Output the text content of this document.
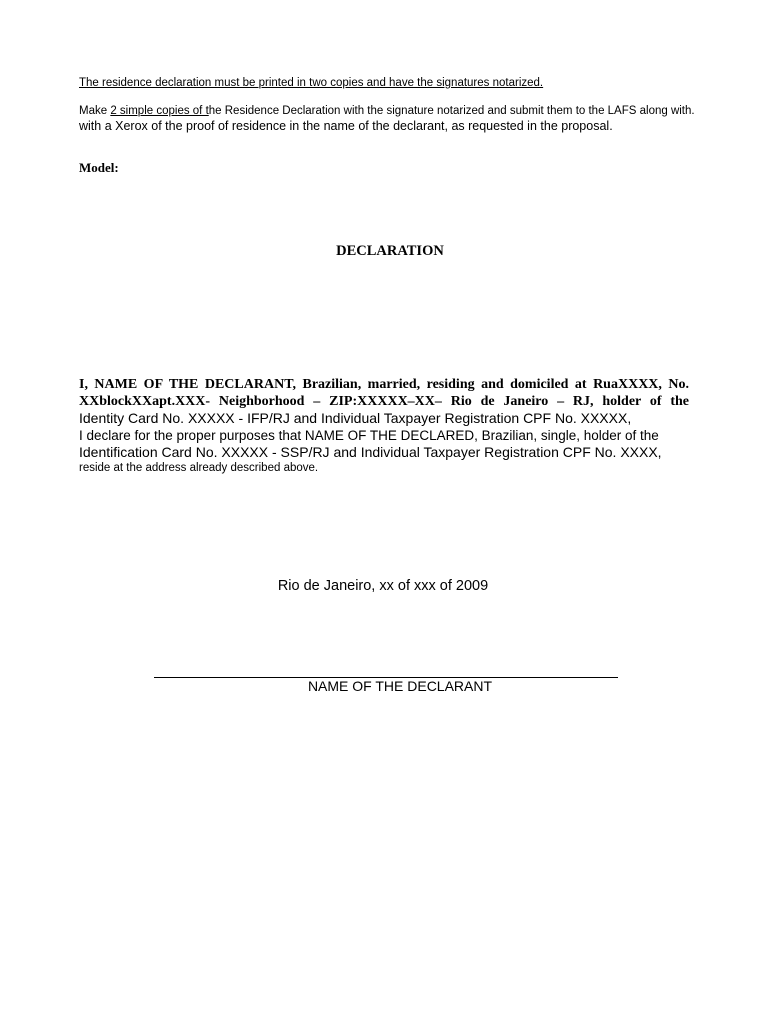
The residence declaration must be printed in two copies and have the signatures notarized.
Make 2 simple copies of the Residence Declaration with the signature notarized and submit them to the LAFS along with.
with a Xerox of the proof of residence in the name of the declarant, as requested in the proposal.
Model:
DECLARATION
I, NAME OF THE DECLARANT, Brazilian, married, residing and domiciled at RuaXXXX, No.
XXblockXXapt.XXX- Neighborhood – ZIP:XXXXX–XX– Rio de Janeiro – RJ, holder of the
Identity Card No. XXXXX - IFP/RJ and Individual Taxpayer Registration CPF No. XXXXX,
I declare for the proper purposes that NAME OF THE DECLARED, Brazilian, single, holder of the
Identification Card No. XXXXX - SSP/RJ and Individual Taxpayer Registration CPF No. XXXX,
reside at the address already described above.
Rio de Janeiro, xx of xxx of 2009
NAME OF THE DECLARANT
